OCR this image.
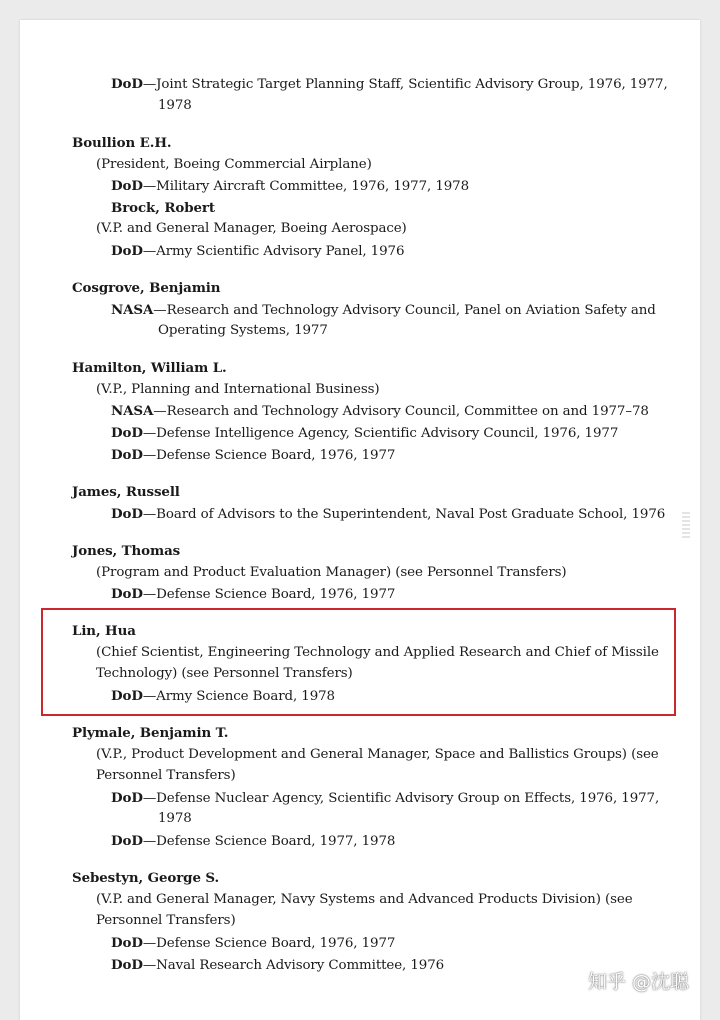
DoD—Joint Strategic Target Planning Staff, Scientific Advisory Group, 1976, 1977,
1978
Boullion E.H.
(President, Boeing Commercial Airplane)
DoD—Military Aircraft Committee, 1976, 1977, 1978
Brock, Robert
(V.P. and General Manager, Boeing Aerospace)
DoD—Army Scientific Advisory Panel, 1976
Cosgrove, Benjamin
NASA—Research and Technology Advisory Council, Panel on Aviation Safety and
Operating Systems, 1977
Hamilton, William L.
(V.P., Planning and International Business)
NASA—Research and Technology Advisory Council, Committee on and 1977–78
DoD—Defense Intelligence Agency, Scientific Advisory Council, 1976, 1977
DoD—Defense Science Board, 1976, 1977
James, Russell
DoD—Board of Advisors to the Superintendent, Naval Post Graduate School, 1976
Jones, Thomas
(Program and Product Evaluation Manager) (see Personnel Transfers)
DoD—Defense Science Board, 1976, 1977
Lin, Hua
(Chief Scientist, Engineering Technology and Applied Research and Chief of Missile
Technology) (see Personnel Transfers)
DoD—Army Science Board, 1978
Plymale, Benjamin T.
(V.P., Product Development and General Manager, Space and Ballistics Groups) (see
Personnel Transfers)
DoD—Defense Nuclear Agency, Scientific Advisory Group on Effects, 1976, 1977,
1978
DoD—Defense Science Board, 1977, 1978
Sebestyn, George S.
(V.P. and General Manager, Navy Systems and Advanced Products Division) (see
Personnel Transfers)
DoD—Defense Science Board, 1976, 1977
DoD—Naval Research Advisory Committee, 1976
知乎 @沈聪
